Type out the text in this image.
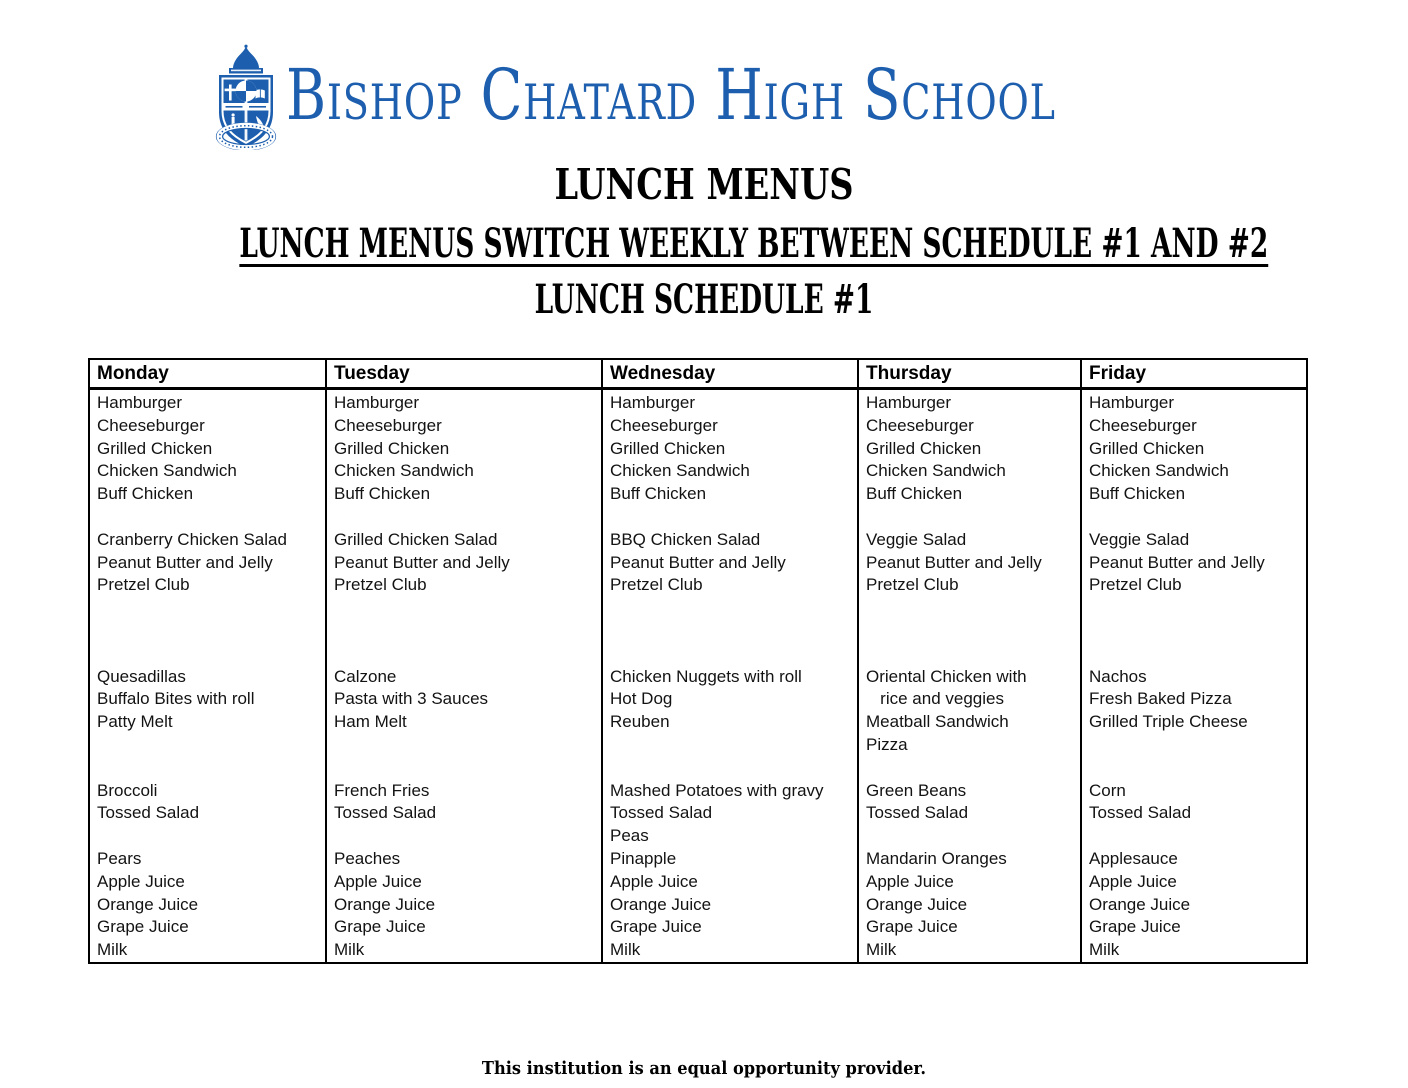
Bishop Chatard High School
LUNCH MENUS
LUNCH MENUS SWITCH WEEKLY BETWEEN SCHEDULE #1 AND #2
LUNCH SCHEDULE #1
Monday
Hamburger
Cheeseburger
Grilled Chicken
Chicken Sandwich
Buff Chicken
Cranberry Chicken Salad
Peanut Butter and Jelly
Pretzel Club
Quesadillas
Buffalo Bites with roll
Patty Melt
Broccoli
Tossed Salad
Pears
Apple Juice
Orange Juice
Grape Juice
Milk
Tuesday
Hamburger
Cheeseburger
Grilled Chicken
Chicken Sandwich
Buff Chicken
Grilled Chicken Salad
Peanut Butter and Jelly
Pretzel Club
Calzone
Pasta with 3 Sauces
Ham Melt
French Fries
Tossed Salad
Peaches
Apple Juice
Orange Juice
Grape Juice
Milk
Wednesday
Hamburger
Cheeseburger
Grilled Chicken
Chicken Sandwich
Buff Chicken
BBQ Chicken Salad
Peanut Butter and Jelly
Pretzel Club
Chicken Nuggets with roll
Hot Dog
Reuben
Mashed Potatoes with gravy
Tossed Salad
Peas
Pinapple
Apple Juice
Orange Juice
Grape Juice
Milk
Thursday
Hamburger
Cheeseburger
Grilled Chicken
Chicken Sandwich
Buff Chicken
Veggie Salad
Peanut Butter and Jelly
Pretzel Club
Oriental Chicken with
rice and veggies
Meatball Sandwich
Pizza
Green Beans
Tossed Salad
Mandarin Oranges
Apple Juice
Orange Juice
Grape Juice
Milk
Friday
Hamburger
Cheeseburger
Grilled Chicken
Chicken Sandwich
Buff Chicken
Veggie Salad
Peanut Butter and Jelly
Pretzel Club
Nachos
Fresh Baked Pizza
Grilled Triple Cheese
Corn
Tossed Salad
Applesauce
Apple Juice
Orange Juice
Grape Juice
Milk
This institution is an equal opportunity provider.
